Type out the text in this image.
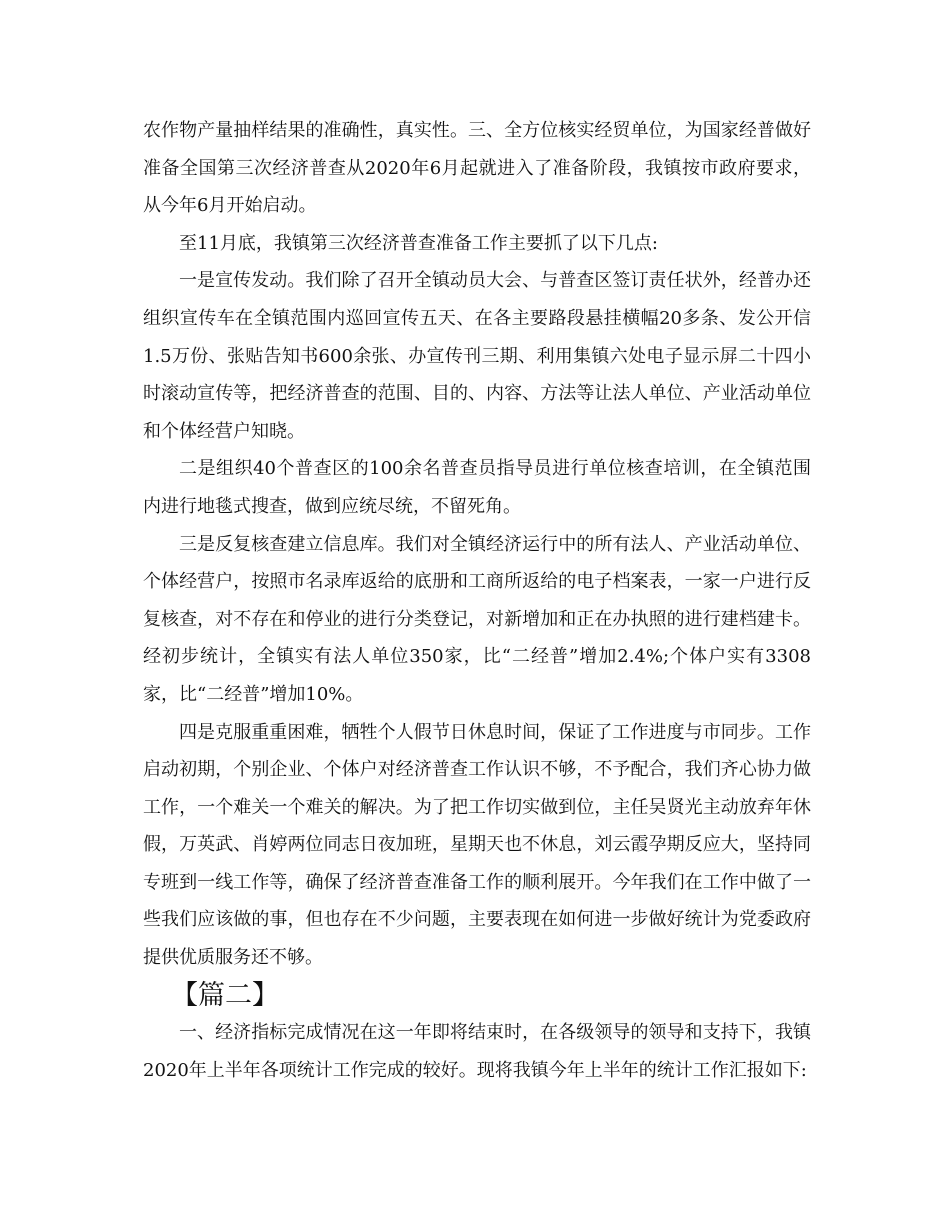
农作物产量抽样结果的准确性，真实性。三、全方位核实经贸单位，为国家经普做好准备全国第三次经济普查从2020年6月起就进入了准备阶段，我镇按市政府要求，从今年6月开始启动。

至11月底，我镇第三次经济普查准备工作主要抓了以下几点:

一是宣传发动。我们除了召开全镇动员大会、与普查区签订责任状外，经普办还组织宣传车在全镇范围内巡回宣传五天、在各主要路段悬挂横幅20多条、发公开信1.5万份、张贴告知书600余张、办宣传刊三期、利用集镇六处电子显示屏二十四小时滚动宣传等，把经济普查的范围、目的、内容、方法等让法人单位、产业活动单位和个体经营户知晓。

二是组织40个普查区的100余名普查员指导员进行单位核查培训，在全镇范围内进行地毯式搜查，做到应统尽统，不留死角。

三是反复核查建立信息库。我们对全镇经济运行中的所有法人、产业活动单位、个体经营户，按照市名录库返给的底册和工商所返给的电子档案表，一家一户进行反复核查，对不存在和停业的进行分类登记，对新增加和正在办执照的进行建档建卡。经初步统计，全镇实有法人单位350家，比“二经普”增加2.4%;个体户实有3308家，比“二经普”增加10%。

四是克服重重困难，牺牲个人假节日休息时间，保证了工作进度与市同步。工作启动初期，个别企业、个体户对经济普查工作认识不够，不予配合，我们齐心协力做工作，一个难关一个难关的解决。为了把工作切实做到位，主任吴贤光主动放弃年休假，万英武、肖婷两位同志日夜加班，星期天也不休息，刘云霞孕期反应大，坚持同专班到一线工作等，确保了经济普查准备工作的顺利展开。今年我们在工作中做了一些我们应该做的事，但也存在不少问题，主要表现在如何进一步做好统计为党委政府提供优质服务还不够。

【篇二】

一、经济指标完成情况在这一年即将结束时，在各级领导的领导和支持下，我镇2020年上半年各项统计工作完成的较好。现将我镇今年上半年的统计工作汇报如下:
